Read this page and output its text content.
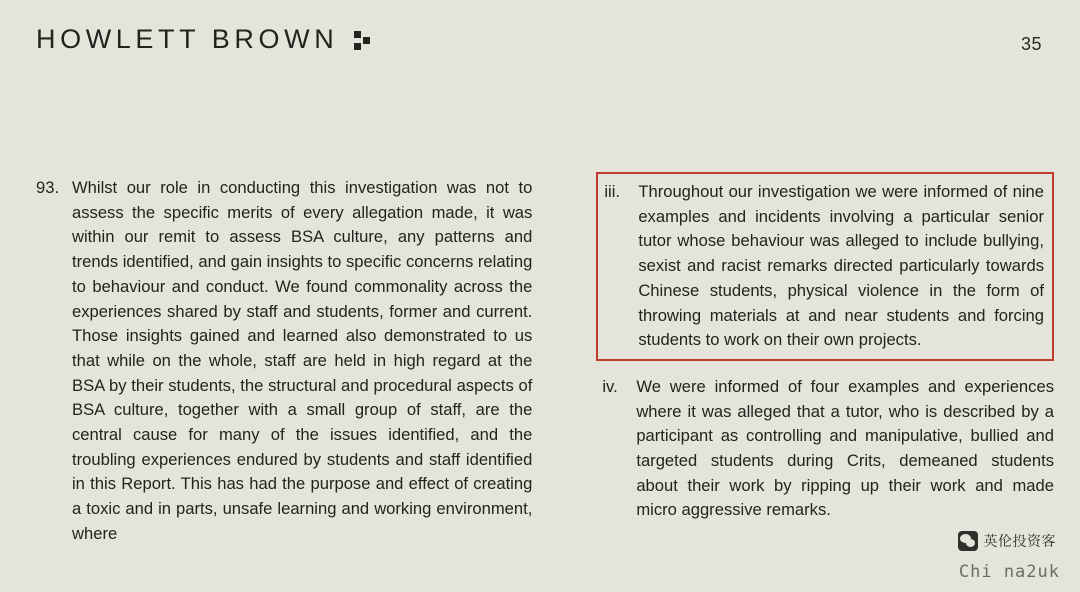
HOWLETT BROWN	35
93. Whilst our role in conducting this investigation was not to assess the specific merits of every allegation made, it was within our remit to assess BSA culture, any patterns and trends identified, and gain insights to specific concerns relating to behaviour and conduct. We found commonality across the experiences shared by staff and students, former and current. Those insights gained and learned also demonstrated to us that while on the whole, staff are held in high regard at the BSA by their students, the structural and procedural aspects of BSA culture, together with a small group of staff, are the central cause for many of the issues identified, and the troubling experiences endured by students and staff identified in this Report. This has had the purpose and effect of creating a toxic and in parts, unsafe learning and working environment, where
iii.	Throughout our investigation we were informed of nine examples and incidents involving a particular senior tutor whose behaviour was alleged to include bullying, sexist and racist remarks directed particularly towards Chinese students, physical violence in the form of throwing materials at and near students and forcing students to work on their own projects.
iv.	We were informed of four examples and experiences where it was alleged that a tutor, who is described by a participant as controlling and manipulative, bullied and targeted students during Crits, demeaned students about their work by ripping up their work and made micro aggressive remarks.
英伦投资客
Chi na2uk
